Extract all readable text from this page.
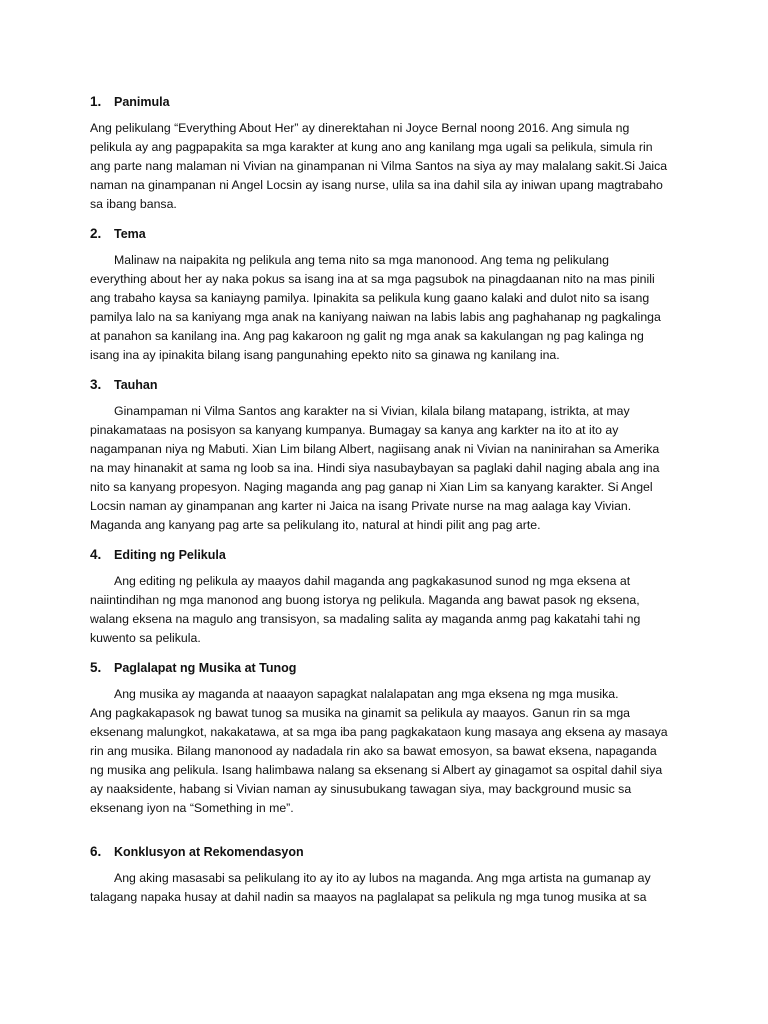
1.	Panimula

Ang pelikulang “Everything About Her” ay dinerektahan ni Joyce Bernal noong 2016. Ang simula ng
pelikula ay ang pagpapakita sa mga karakter at kung ano ang kanilang mga ugali sa pelikula, simula rin
ang parte nang malaman ni Vivian na ginampanan ni Vilma Santos na siya ay may malalang sakit.Si Jaica
naman na ginampanan ni Angel Locsin ay isang nurse, ulila sa ina dahil sila ay iniwan upang magtrabaho
sa ibang bansa.

2.	Tema

Malinaw na naipakita ng pelikula ang tema nito sa mga manonood. Ang tema ng pelikulang

everything about her ay naka pokus sa isang ina at sa mga pagsubok na pinagdaanan nito na mas pinili
ang trabaho kaysa sa kaniayng pamilya. Ipinakita sa pelikula kung gaano kalaki and dulot nito sa isang
pamilya lalo na sa kaniyang mga anak na kaniyang naiwan na labis labis ang paghahanap ng pagkalinga
at panahon sa kanilang ina. Ang pag kakaroon ng galit ng mga anak sa kakulangan ng pag kalinga ng
isang ina ay ipinakita bilang isang pangunahing epekto nito sa ginawa ng kanilang ina.

3.	Tauhan

Ginampaman ni Vilma Santos ang karakter na si Vivian, kilala bilang matapang, istrikta, at may

pinakamataas na posisyon sa kanyang kumpanya. Bumagay sa kanya ang karkter na ito at ito ay
nagampanan niya ng Mabuti. Xian Lim bilang Albert, nagiisang anak ni Vivian na naninirahan sa Amerika
na may hinanakit at sama ng loob sa ina. Hindi siya nasubaybayan sa paglaki dahil naging abala ang ina
nito sa kanyang propesyon. Naging maganda ang pag ganap ni Xian Lim sa kanyang karakter. Si Angel
Locsin naman ay ginampanan ang karter ni Jaica na isang Private nurse na mag aalaga kay Vivian.
Maganda ang kanyang pag arte sa pelikulang ito, natural at hindi pilit ang pag arte.

4.	Editing ng Pelikula

Ang editing ng pelikula ay maayos dahil maganda ang pagkakasunod sunod ng mga eksena at

naiintindihan ng mga manonod ang buong istorya ng pelikula. Maganda ang bawat pasok ng eksena,
walang eksena na magulo ang transisyon, sa madaling salita ay maganda anmg pag kakatahi tahi ng
kuwento sa pelikula.

5.	Paglalapat ng Musika at Tunog

Ang musika ay maganda at naaayon sapagkat nalalapatan ang mga eksena ng mga musika.

Ang pagkakapasok ng bawat tunog sa musika na ginamit sa pelikula ay maayos. Ganun rin sa mga
eksenang malungkot, nakakatawa, at sa mga iba pang pagkakataon kung masaya ang eksena ay masaya
rin ang musika. Bilang manonood ay nadadala rin ako sa bawat emosyon, sa bawat eksena, napaganda
ng musika ang pelikula. Isang halimbawa nalang sa eksenang si Albert ay ginagamot sa ospital dahil siya
ay naaksidente, habang si Vivian naman ay sinusubukang tawagan siya, may background music sa
eksenang iyon na “Something in me”.

6.	Konklusyon at Rekomendasyon

Ang aking masasabi sa pelikulang ito ay ito ay lubos na maganda. Ang mga artista na gumanap ay

talagang napaka husay at dahil nadin sa maayos na paglalapat sa pelikula ng mga tunog musika at sa
